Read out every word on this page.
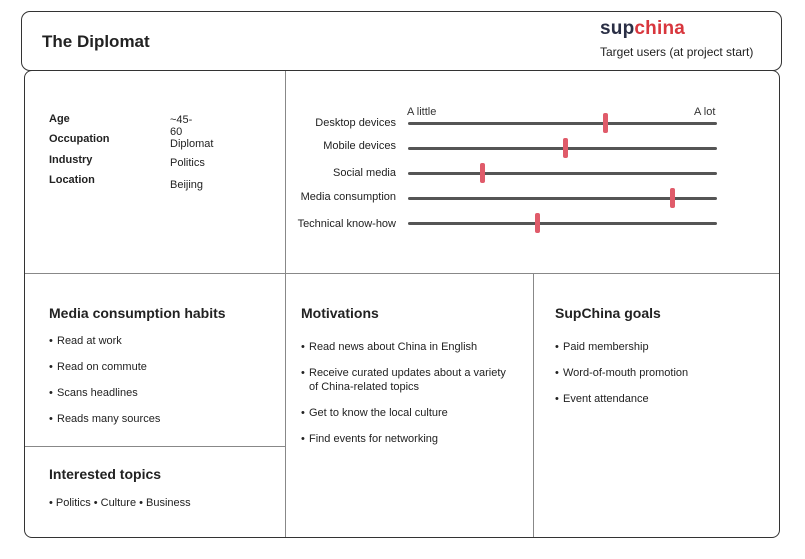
The Diplomat
supchina
Target users (at project start)
Age	~45-60
Occupation	Diplomat
Industry	Politics
Location	Beijing
A little	A lot
Desktop devices
Mobile devices
Social media
Media consumption
Technical know-how
Media consumption habits
• Read at work
• Read on commute
• Scans headlines
• Reads many sources
Interested topics
• Politics • Culture • Business
Motivations
• Read news about China in English
• Receive curated updates about a variety of China-related topics
• Get to know the local culture
• Find events for networking
SupChina goals
• Paid membership
• Word-of-mouth promotion
• Event attendance
